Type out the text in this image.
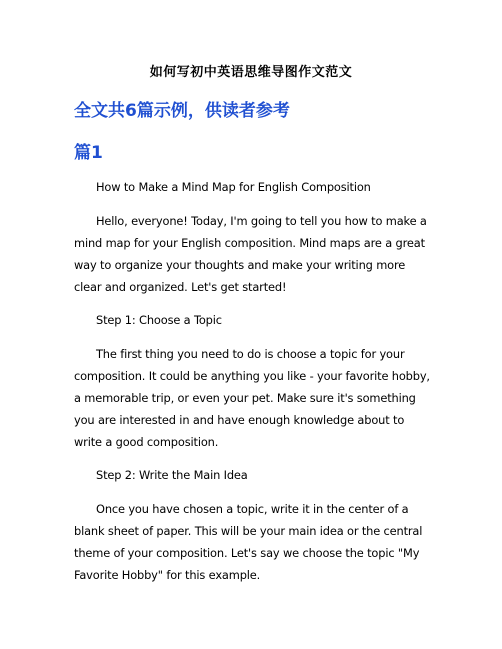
如何写初中英语思维导图作文范文
全文共6篇示例，供读者参考
篇1

How to Make a Mind Map for English Composition

Hello, everyone! Today, I'm going to tell you how to make a mind map for your English composition. Mind maps are a great way to organize your thoughts and make your writing more clear and organized. Let's get started!

Step 1: Choose a Topic

The first thing you need to do is choose a topic for your composition. It could be anything you like - your favorite hobby, a memorable trip, or even your pet. Make sure it's something you are interested in and have enough knowledge about to write a good composition.

Step 2: Write the Main Idea

Once you have chosen a topic, write it in the center of a blank sheet of paper. This will be your main idea or the central theme of your composition. Let's say we choose the topic "My Favorite Hobby" for this example.
